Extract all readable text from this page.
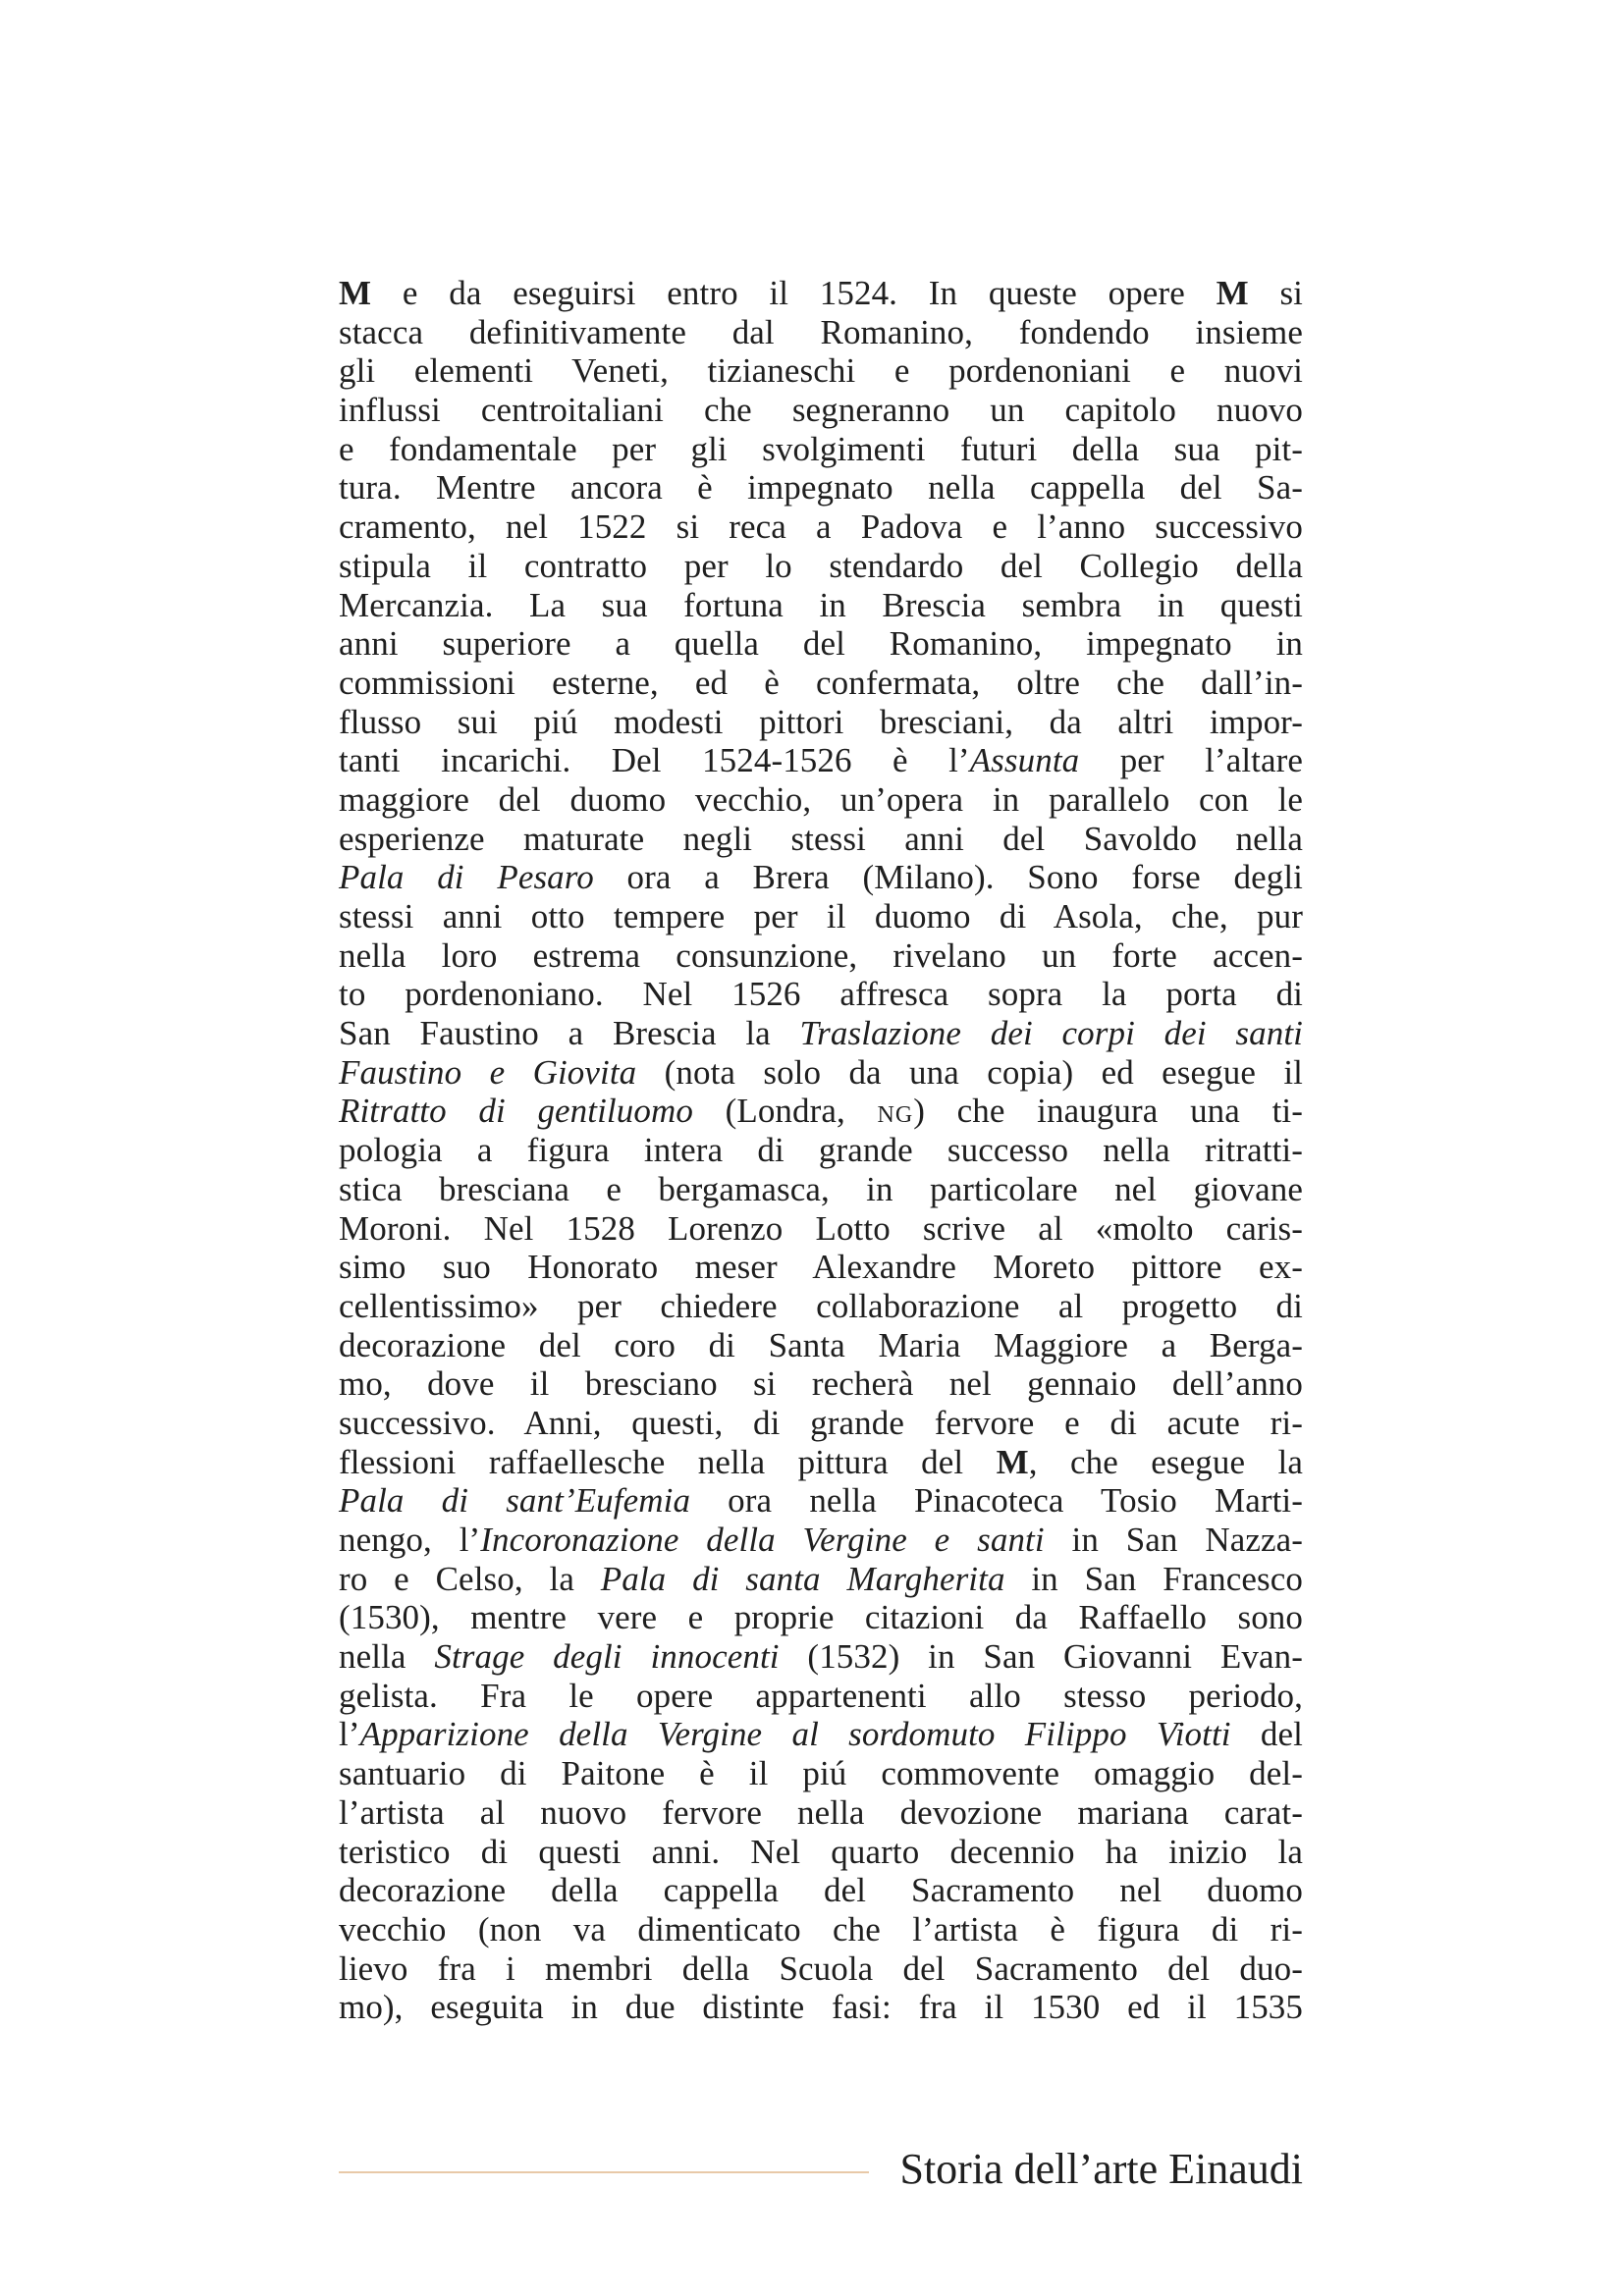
M e da eseguirsi entro il 1524. In queste opere M si
stacca definitivamente dal Romanino, fondendo insieme
gli elementi Veneti, tizianeschi e pordenoniani e nuovi
influssi centroitaliani che segneranno un capitolo nuovo
e fondamentale per gli svolgimenti futuri della sua pit-
tura. Mentre ancora è impegnato nella cappella del Sa-
cramento, nel 1522 si reca a Padova e l’anno successivo
stipula il contratto per lo stendardo del Collegio della
Mercanzia. La sua fortuna in Brescia sembra in questi
anni superiore a quella del Romanino, impegnato in
commissioni esterne, ed è confermata, oltre che dall’in-
flusso sui piú modesti pittori bresciani, da altri impor-
tanti incarichi. Del 1524-1526 è l’Assunta per l’altare
maggiore del duomo vecchio, un’opera in parallelo con le
esperienze maturate negli stessi anni del Savoldo nella
Pala di Pesaro ora a Brera (Milano). Sono forse degli
stessi anni otto tempere per il duomo di Asola, che, pur
nella loro estrema consunzione, rivelano un forte accen-
to pordenoniano. Nel 1526 affresca sopra la porta di
San Faustino a Brescia la Traslazione dei corpi dei santi
Faustino e Giovita (nota solo da una copia) ed esegue il
Ritratto di gentiluomo (Londra, NG) che inaugura una ti-
pologia a figura intera di grande successo nella ritratti-
stica bresciana e bergamasca, in particolare nel giovane
Moroni. Nel 1528 Lorenzo Lotto scrive al «molto caris-
simo suo Honorato meser Alexandre Moreto pittore ex-
cellentissimo» per chiedere collaborazione al progetto di
decorazione del coro di Santa Maria Maggiore a Berga-
mo, dove il bresciano si recherà nel gennaio dell’anno
successivo. Anni, questi, di grande fervore e di acute ri-
flessioni raffaellesche nella pittura del M, che esegue la
Pala di sant’Eufemia ora nella Pinacoteca Tosio Marti-
nengo, l’Incoronazione della Vergine e santi in San Nazza-
ro e Celso, la Pala di santa Margherita in San Francesco
(1530), mentre vere e proprie citazioni da Raffaello sono
nella Strage degli innocenti (1532) in San Giovanni Evan-
gelista. Fra le opere appartenenti allo stesso periodo,
l’Apparizione della Vergine al sordomuto Filippo Viotti del
santuario di Paitone è il piú commovente omaggio del-
l’artista al nuovo fervore nella devozione mariana carat-
teristico di questi anni. Nel quarto decennio ha inizio la
decorazione della cappella del Sacramento nel duomo
vecchio (non va dimenticato che l’artista è figura di ri-
lievo fra i membri della Scuola del Sacramento del duo-
mo), eseguita in due distinte fasi: fra il 1530 ed il 1535
Storia dell’arte Einaudi
